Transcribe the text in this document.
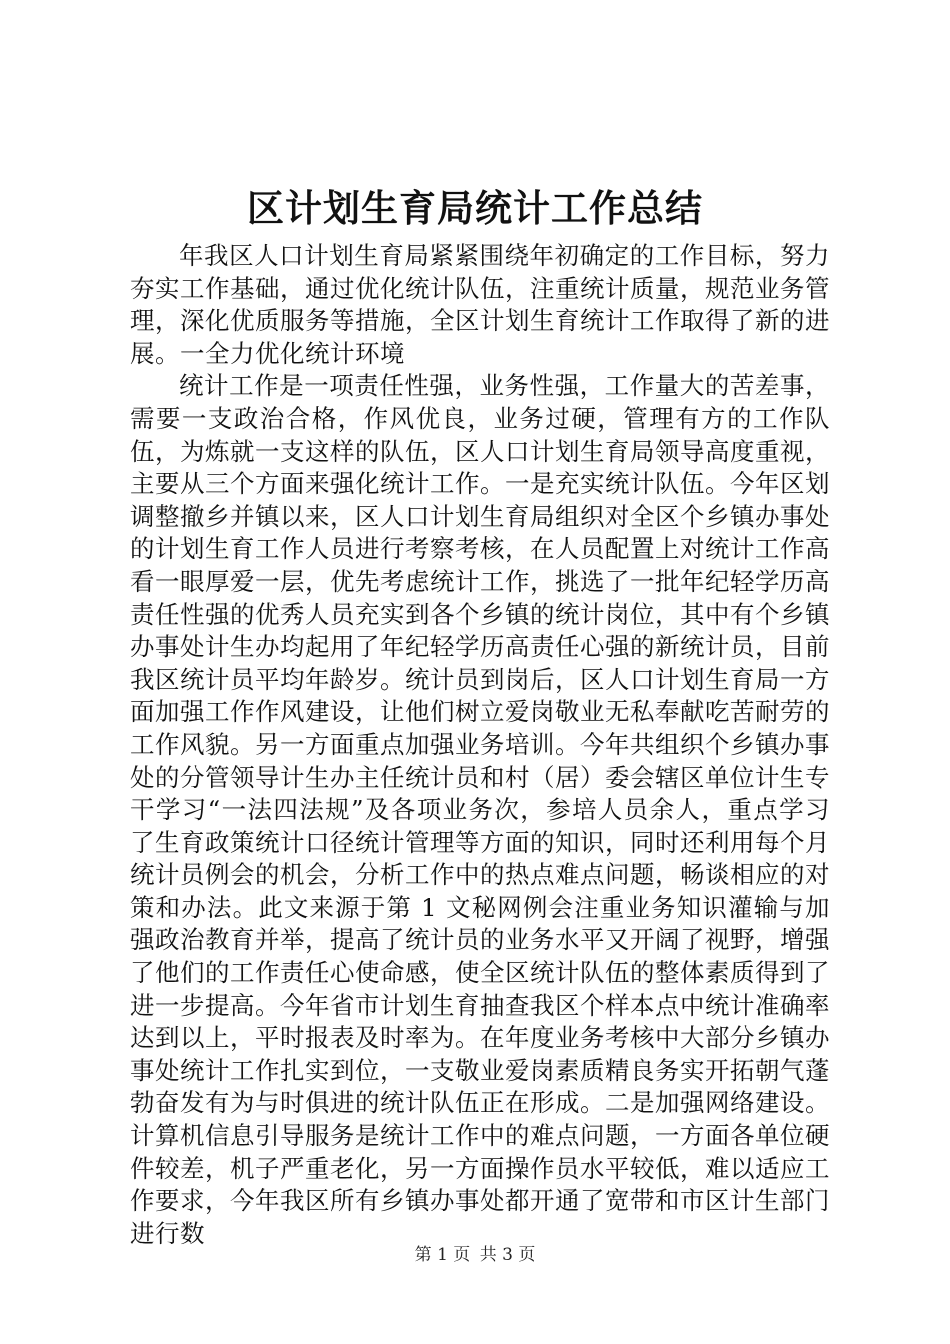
区计划生育局统计工作总结

年我区人口计划生育局紧紧围绕年初确定的工作目标，努力夯实工作基础，通过优化统计队伍，注重统计质量，规范业务管理，深化优质服务等措施，全区计划生育统计工作取得了新的进展。一全力优化统计环境

统计工作是一项责任性强，业务性强，工作量大的苦差事，需要一支政治合格，作风优良，业务过硬，管理有方的工作队伍，为炼就一支这样的队伍，区人口计划生育局领导高度重视，主要从三个方面来强化统计工作。一是充实统计队伍。今年区划调整撤乡并镇以来，区人口计划生育局组织对全区个乡镇办事处的计划生育工作人员进行考察考核，在人员配置上对统计工作高看一眼厚爱一层，优先考虑统计工作，挑选了一批年纪轻学历高责任性强的优秀人员充实到各个乡镇的统计岗位，其中有个乡镇办事处计生办均起用了年纪轻学历高责任心强的新统计员，目前我区统计员平均年龄岁。统计员到岗后，区人口计划生育局一方面加强工作作风建设，让他们树立爱岗敬业无私奉献吃苦耐劳的工作风貌。另一方面重点加强业务培训。今年共组织个乡镇办事处的分管领导计生办主任统计员和村（居）委会辖区单位计生专干学习“一法四法规”及各项业务次，参培人员余人，重点学习了生育政策统计口径统计管理等方面的知识，同时还利用每个月统计员例会的机会，分析工作中的热点难点问题，畅谈相应的对策和办法。此文来源于第 1 文秘网例会注重业务知识灌输与加强政治教育并举，提高了统计员的业务水平又开阔了视野，增强了他们的工作责任心使命感，使全区统计队伍的整体素质得到了进一步提高。今年省市计划生育抽查我区个样本点中统计准确率达到以上，平时报表及时率为。在年度业务考核中大部分乡镇办事处统计工作扎实到位，一支敬业爱岗素质精良务实开拓朝气蓬勃奋发有为与时俱进的统计队伍正在形成。二是加强网络建设。计算机信息引导服务是统计工作中的难点问题，一方面各单位硬件较差，机子严重老化，另一方面操作员水平较低，难以适应工作要求，今年我区所有乡镇办事处都开通了宽带和市区计生部门进行数

第 1 页 共 3 页
